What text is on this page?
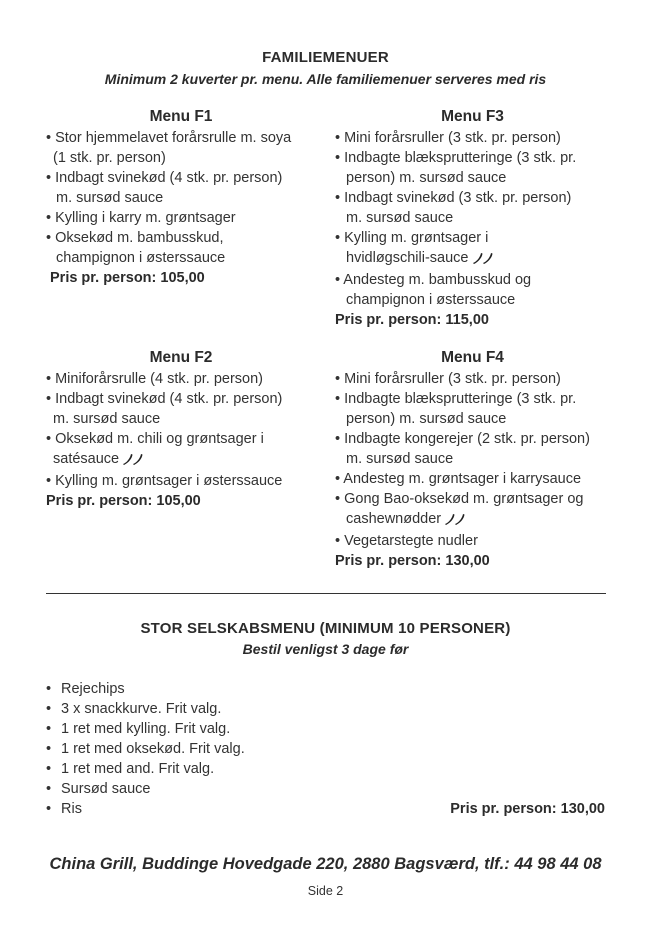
FAMILIEMENUER
Minimum 2 kuverter pr. menu. Alle familiemenuer serveres med ris
Menu F1
• Stor hjemmelavet forårsrulle m. soya
(1 stk. pr. person)
• Indbagt svinekød (4 stk. pr. person)
m. sursød sauce
• Kylling i karry m. grøntsager
• Oksekød m. bambusskud,
champignon i østerssauce
Pris pr. person: 105,00
Menu F3
• Mini forårsruller (3 stk. pr. person)
• Indbagte blæksprutteringe (3 stk. pr.
person) m. sursød sauce
• Indbagt svinekød (3 stk. pr. person)
m. sursød sauce
• Kylling m. grøntsager i
hvidløgschili-sauce
• Andesteg m. bambusskud og
champignon i østerssauce
Pris pr. person: 115,00
Menu F2
• Miniforårsrulle (4 stk. pr. person)
• Indbagt svinekød (4 stk. pr. person)
m. sursød sauce
• Oksekød m. chili og grøntsager i
satésauce
• Kylling m. grøntsager i østerssauce
Pris pr. person: 105,00
Menu F4
• Mini forårsruller (3 stk. pr. person)
• Indbagte blæksprutteringe (3 stk. pr.
person) m. sursød sauce
• Indbagte kongerejer (2 stk. pr. person)
m. sursød sauce
• Andesteg m. grøntsager i karrysauce
• Gong Bao-oksekød m. grøntsager og
cashewnødder
• Vegetarstegte nudler
Pris pr. person: 130,00
STOR SELSKABSMENU (MINIMUM 10 PERSONER)
Bestil venligst 3 dage før
• Rejechips
• 3 x snackkurve. Frit valg.
• 1 ret med kylling. Frit valg.
• 1 ret med oksekød. Frit valg.
• 1 ret med and. Frit valg.
• Sursød sauce
• Ris	Pris pr. person: 130,00
China Grill, Buddinge Hovedgade 220, 2880 Bagsværd, tlf.: 44 98 44 08
Side 2
